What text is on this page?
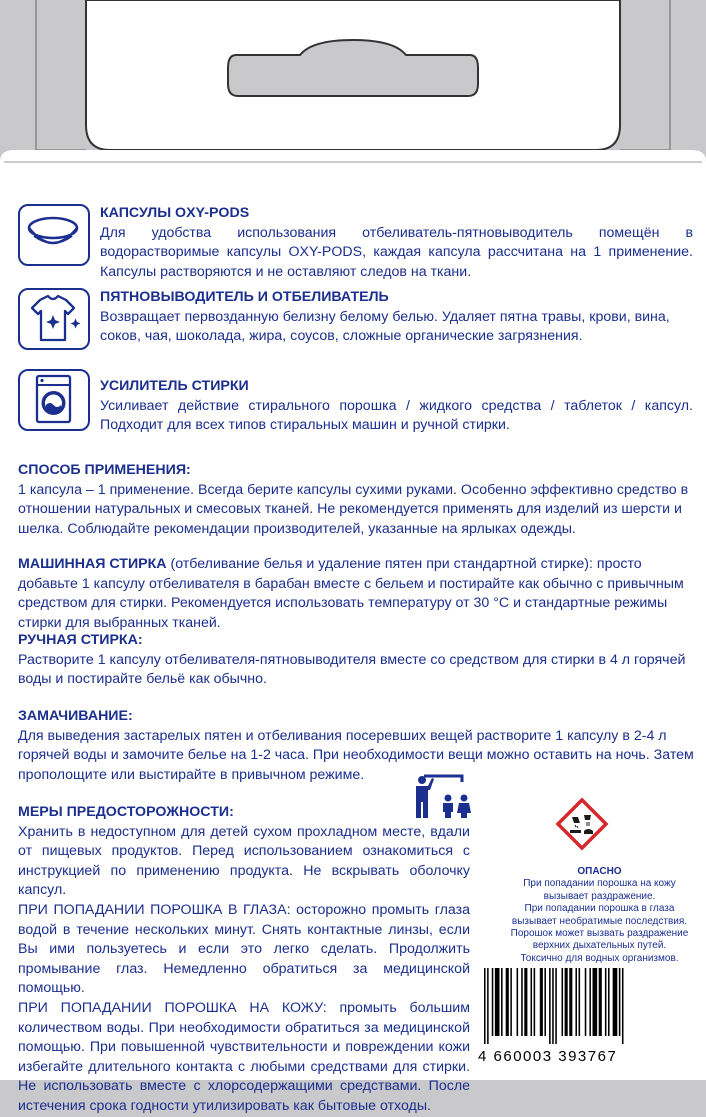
КАПСУЛЫ OXY-PODS
Для удобства использования отбеливатель-пятновыводитель помещён в водорастворимые капсулы OXY-PODS, каждая капсула рассчитана на 1 применение. Капсулы растворяются и не оставляют следов на ткани.
ПЯТНОВЫВОДИТЕЛЬ И ОТБЕЛИВАТЕЛЬ
Возвращает первозданную белизну белому белью. Удаляет пятна травы, крови, вина, соков, чая, шоколада, жира, соусов, сложные органические загрязнения.
УСИЛИТЕЛЬ СТИРКИ
Усиливает действие стирального порошка / жидкого средства / таблеток / капсул. Подходит для всех типов стиральных машин и ручной стирки.
СПОСОБ ПРИМЕНЕНИЯ:
1 капсула – 1 применение. Всегда берите капсулы сухими руками. Особенно эффективно средство в отношении натуральных и смесовых тканей. Не рекомендуется применять для изделий из шерсти и шелка. Соблюдайте рекомендации производителей, указанные на ярлыках одежды.
МАШИННАЯ СТИРКА (отбеливание белья и удаление пятен при стандартной стирке): просто добавьте 1 капсулу отбеливателя в барабан вместе с бельем и постирайте как обычно с привычным средством для стирки. Рекомендуется использовать температуру от 30 °С и стандартные режимы стирки для выбранных тканей.
РУЧНАЯ СТИРКА:
Растворите 1 капсулу отбеливателя-пятновыводителя вместе со средством для стирки в 4 л горячей воды и постирайте бельё как обычно.
ЗАМАЧИВАНИЕ:
Для выведения застарелых пятен и отбеливания посеревших вещей растворите 1 капсулу в 2-4 л горячей воды и замочите белье на 1-2 часа. При необходимости вещи можно оставить на ночь. Затем прополощите или выстирайте в привычном режиме.
МЕРЫ ПРЕДОСТОРОЖНОСТИ:
Хранить в недоступном для детей сухом прохладном месте, вдали от пищевых продуктов. Перед использованием ознакомиться с инструкцией по применению продукта. Не вскрывать оболочку капсул.
ПРИ ПОПАДАНИИ ПОРОШКА В ГЛАЗА: осторожно промыть глаза водой в течение нескольких минут. Снять контактные линзы, если Вы ими пользуетесь и если это легко сделать. Продолжить промывание глаз. Немедленно обратиться за медицинской помощью.
ПРИ ПОПАДАНИИ ПОРОШКА НА КОЖУ: промыть большим количеством воды. При необходимости обратиться за медицинской помощью. При повышенной чувствительности и повреждении кожи избегайте длительного контакта с любыми средствами для стирки. Не использовать вместе с хлорсодержащими средствами. После истечения срока годности утилизировать как бытовые отходы.
ОПАСНО
При попадании порошка на кожу
вызывает раздражение.
При попадании порошка в глаза
вызывает необратимые последствия.
Порошок может вызвать раздражение
верхних дыхательных путей.
Токсично для водных организмов.
4 660003 393767
